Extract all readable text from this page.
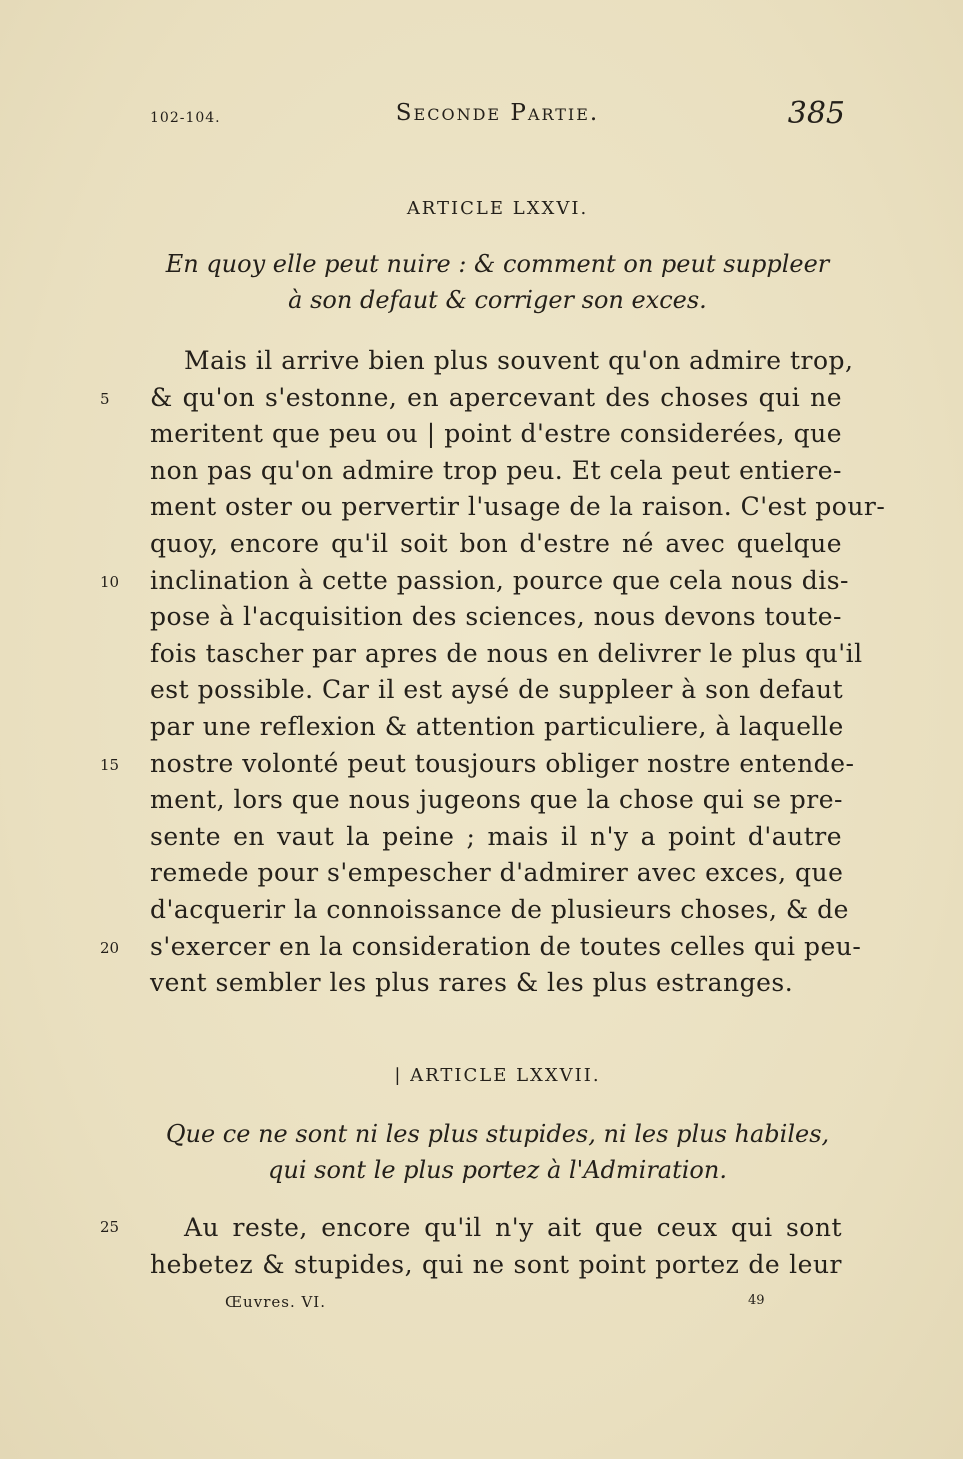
102-104.	Seconde Partie.	385
ARTICLE LXXVI.
En quoy elle peut nuire : & comment on peut suppleer
à son defaut & corriger son exces.
Mais il arrive bien plus souvent qu'on admire trop,
& qu'on s'estonne, en apercevant des choses qui ne
meritent que peu ou | point d'estre considerées, que
non pas qu'on admire trop peu. Et cela peut entiere-
ment oster ou pervertir l'usage de la raison. C'est pour-
quoy, encore qu'il soit bon d'estre né avec quelque
inclination à cette passion, pource que cela nous dis-
pose à l'acquisition des sciences, nous devons toute-
fois tascher par apres de nous en delivrer le plus qu'il
est possible. Car il est aysé de suppleer à son defaut
par une reflexion & attention particuliere, à laquelle
nostre volonté peut tousjours obliger nostre entende-
ment, lors que nous jugeons que la chose qui se pre-
sente en vaut la peine ; mais il n'y a point d'autre
remede pour s'empescher d'admirer avec exces, que
d'acquerir la connoissance de plusieurs choses, & de
s'exercer en la consideration de toutes celles qui peu-
vent sembler les plus rares & les plus estranges.
5
10
15
20
25
| ARTICLE LXXVII.
Que ce ne sont ni les plus stupides, ni les plus habiles,
qui sont le plus portez à l'Admiration.
Au reste, encore qu'il n'y ait que ceux qui sont
hebetez & stupides, qui ne sont point portez de leur
Œuvres. VI.	49
